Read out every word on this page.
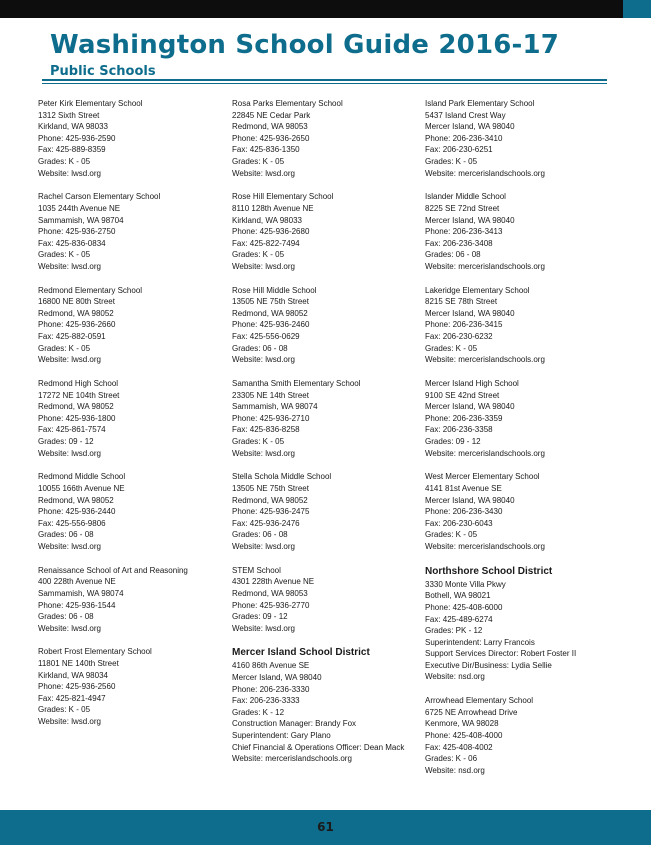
Washington School Guide 2016-17
Public Schools
Peter Kirk Elementary School
1312 Sixth Street
Kirkland, WA 98033
Phone: 425-936-2590
Fax: 425-889-8359
Grades: K - 05
Website: lwsd.org
Rachel Carson Elementary School
1035 244th Avenue NE
Sammamish, WA 98704
Phone: 425-936-2750
Fax: 425-836-0834
Grades: K - 05
Website: lwsd.org
Redmond Elementary School
16800 NE 80th Street
Redmond, WA 98052
Phone: 425-936-2660
Fax: 425-882-0591
Grades: K - 05
Website: lwsd.org
Redmond High School
17272 NE 104th Street
Redmond, WA 98052
Phone: 425-936-1800
Fax: 425-861-7574
Grades: 09 - 12
Website: lwsd.org
Redmond Middle School
10055 166th Avenue NE
Redmond, WA 98052
Phone: 425-936-2440
Fax: 425-556-9806
Grades: 06 - 08
Website: lwsd.org
Renaissance School of Art and Reasoning
400 228th Avenue NE
Sammamish, WA 98074
Phone: 425-936-1544
Grades: 06 - 08
Website: lwsd.org
Robert Frost Elementary School
11801 NE 140th Street
Kirkland, WA 98034
Phone: 425-936-2560
Fax: 425-821-4947
Grades: K - 05
Website: lwsd.org
Rosa Parks Elementary School
22845 NE Cedar Park
Redmond, WA 98053
Phone: 425-936-2650
Fax: 425-836-1350
Grades: K - 05
Website: lwsd.org
Rose Hill Elementary School
8110 128th Avenue NE
Kirkland, WA 98033
Phone: 425-936-2680
Fax: 425-822-7494
Grades: K - 05
Website: lwsd.org
Rose Hill Middle School
13505 NE 75th Street
Redmond, WA 98052
Phone: 425-936-2460
Fax: 425-556-0629
Grades: 06 - 08
Website: lwsd.org
Samantha Smith Elementary School
23305 NE 14th Street
Sammamish, WA 98074
Phone: 425-936-2710
Fax: 425-836-8258
Grades: K - 05
Website: lwsd.org
Stella Schola Middle School
13505 NE 75th Street
Redmond, WA 98052
Phone: 425-936-2475
Fax: 425-936-2476
Grades: 06 - 08
Website: lwsd.org
STEM School
4301 228th Avenue NE
Redmond, WA 98053
Phone: 425-936-2770
Grades: 09 - 12
Website: lwsd.org
Mercer Island School District
4160 86th Avenue SE
Mercer Island, WA 98040
Phone: 206-236-3330
Fax: 206-236-3333
Grades: K - 12
Construction Manager: Brandy Fox
Superintendent: Gary Plano
Chief Financial & Operations Officer: Dean Mack
Website: mercerislandschools.org
Island Park Elementary School
5437 Island Crest Way
Mercer Island, WA 98040
Phone: 206-236-3410
Fax: 206-230-6251
Grades: K - 05
Website: mercerislandschools.org
Islander Middle School
8225 SE 72nd Street
Mercer Island, WA 98040
Phone: 206-236-3413
Fax: 206-236-3408
Grades: 06 - 08
Website: mercerislandschools.org
Lakeridge Elementary School
8215 SE 78th Street
Mercer Island, WA 98040
Phone: 206-236-3415
Fax: 206-230-6232
Grades: K - 05
Website: mercerislandschools.org
Mercer Island High School
9100 SE 42nd Street
Mercer Island, WA 98040
Phone: 206-236-3359
Fax: 206-236-3358
Grades: 09 - 12
Website: mercerislandschools.org
West Mercer Elementary School
4141 81st Avenue SE
Mercer Island, WA 98040
Phone: 206-236-3430
Fax: 206-230-6043
Grades: K - 05
Website: mercerislandschools.org
Northshore School District
3330 Monte Villa Pkwy
Bothell, WA 98021
Phone: 425-408-6000
Fax: 425-489-6274
Grades: PK - 12
Superintendent: Larry Francois
Support Services Director: Robert Foster II
Executive Dir/Business: Lydia Sellie
Website: nsd.org
Arrowhead Elementary School
6725 NE Arrowhead Drive
Kenmore, WA 98028
Phone: 425-408-4000
Fax: 425-408-4002
Grades: K - 06
Website: nsd.org
61
